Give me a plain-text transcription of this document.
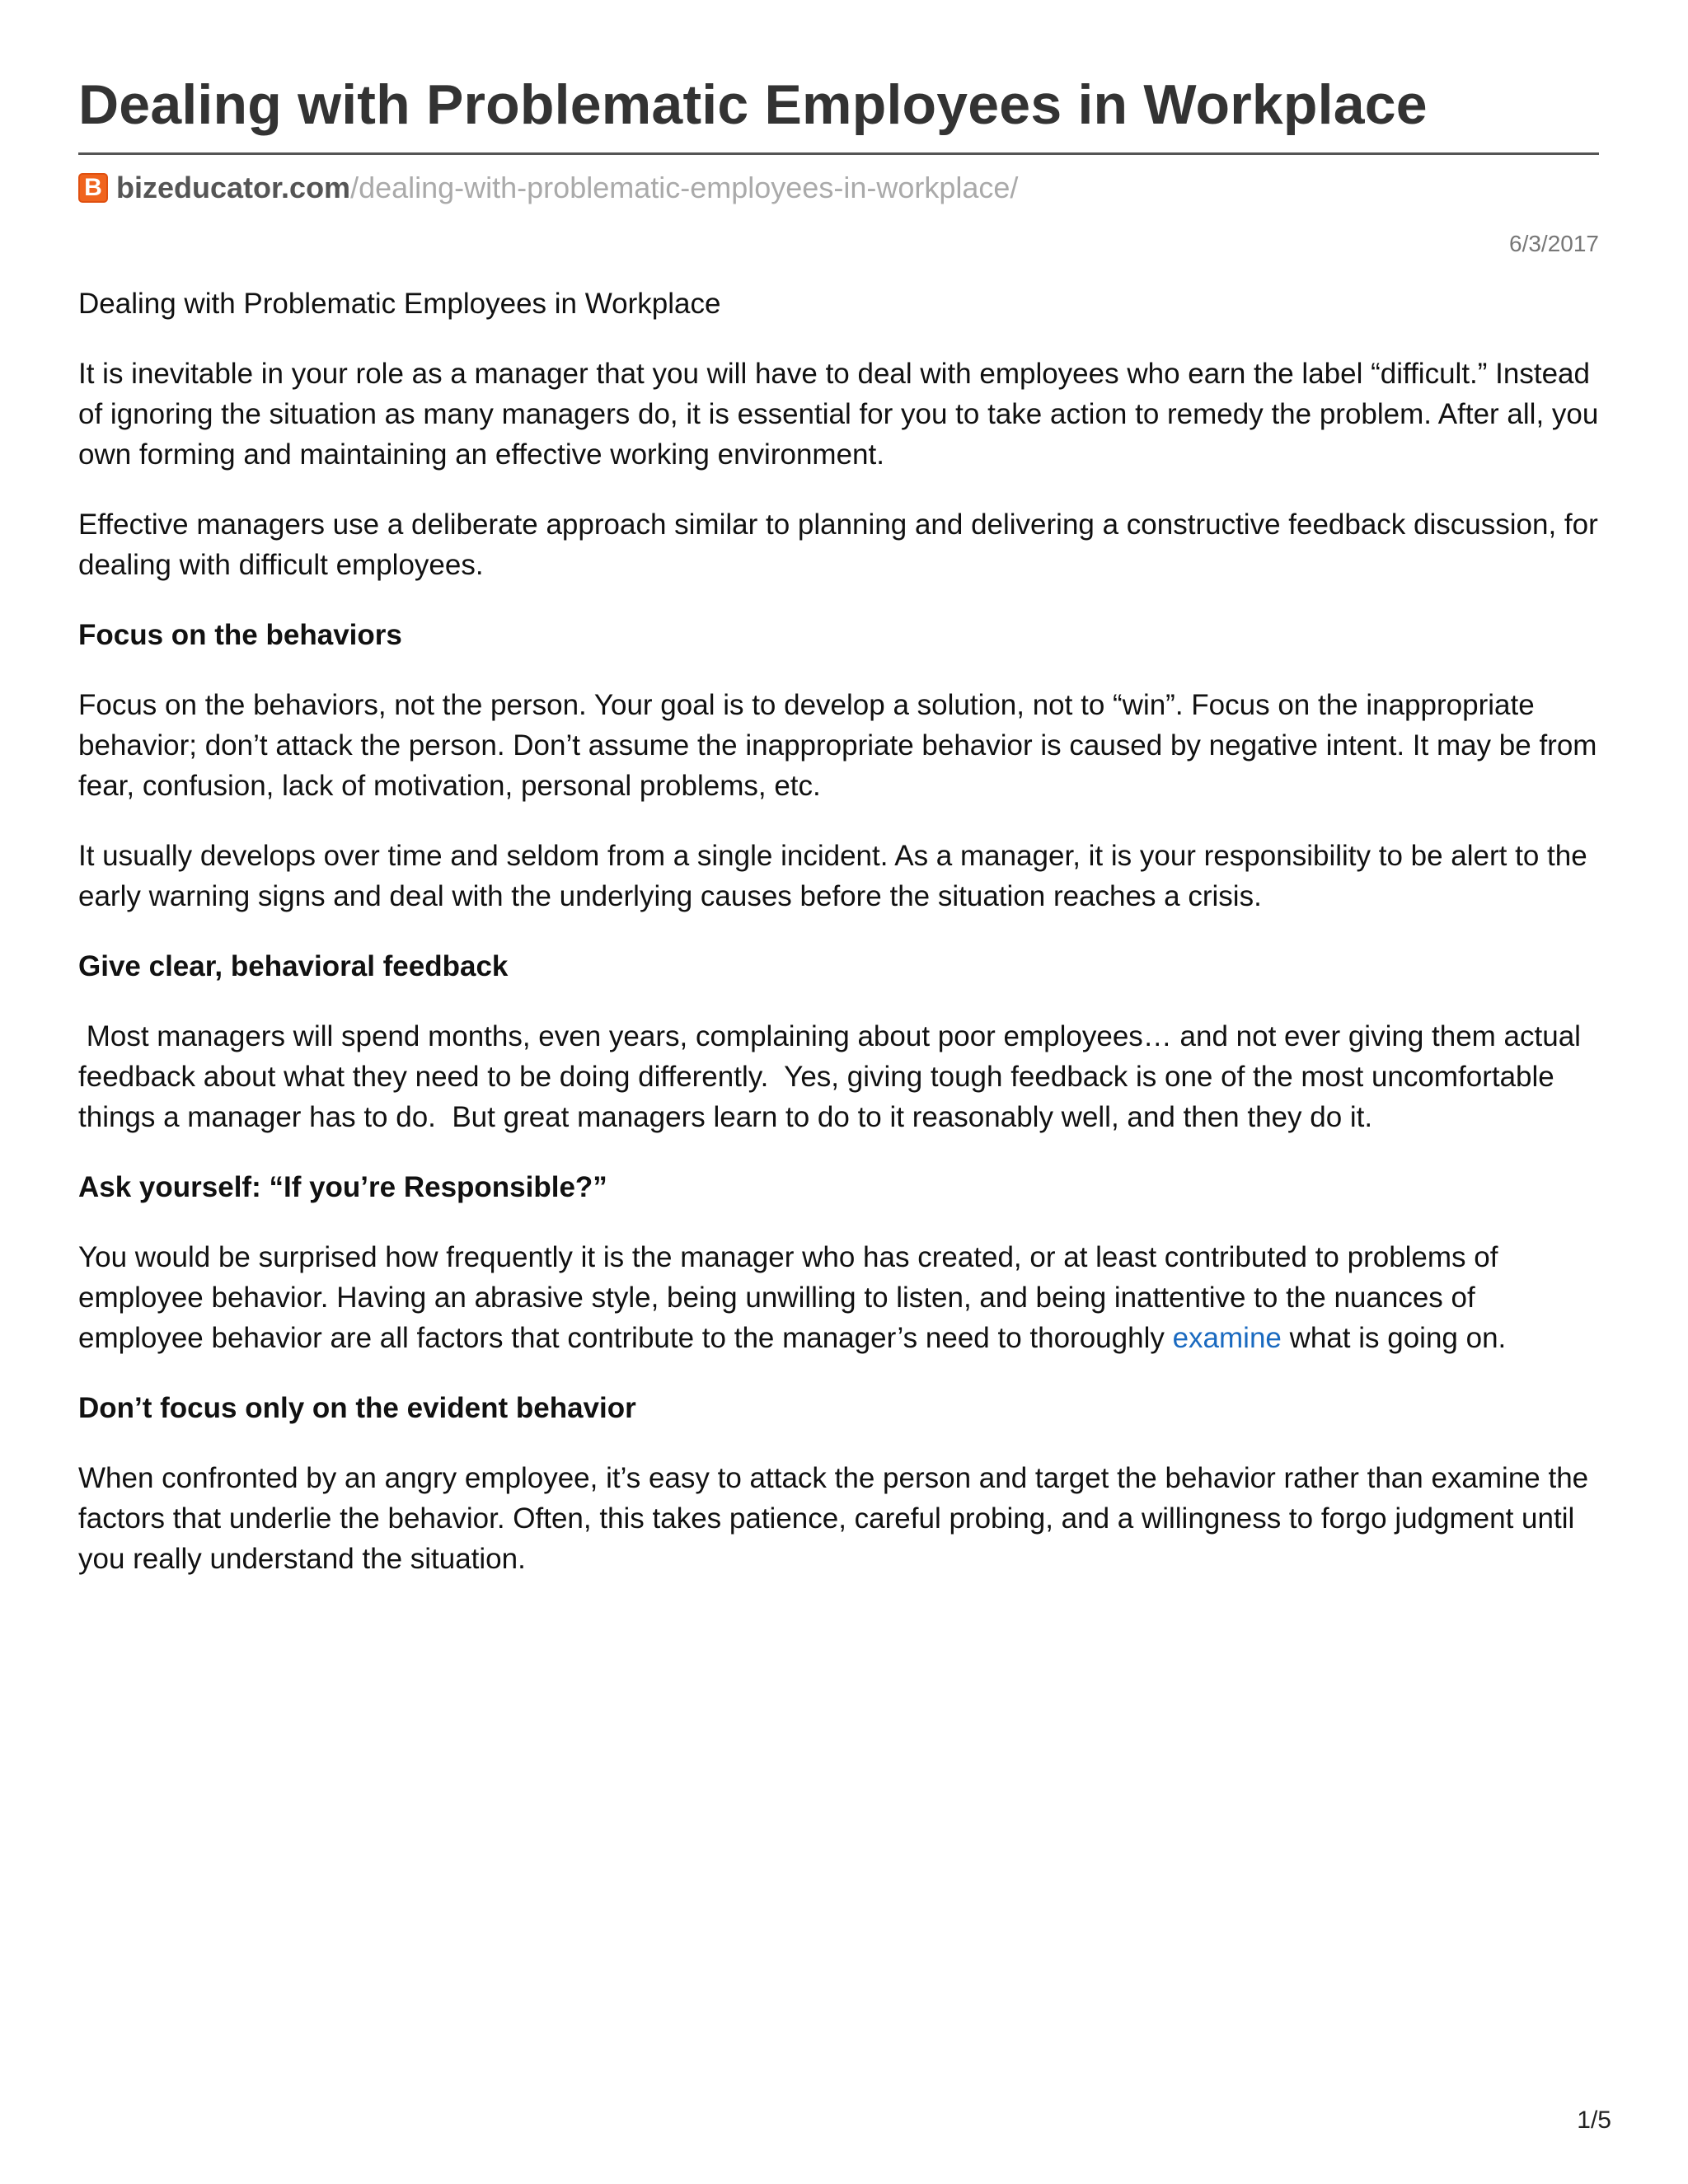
Dealing with Problematic Employees in Workplace
B bizeducator.com /dealing-with-problematic-employees-in-workplace/
6/3/2017

Dealing with Problematic Employees in Workplace

It is inevitable in your role as a manager that you will have to deal with employees who earn the label “difficult.” Instead of ignoring the situation as many managers do, it is essential for you to take action to remedy the problem. After all, you own forming and maintaining an effective working environment.

Effective managers use a deliberate approach similar to planning and delivering a constructive feedback discussion, for dealing with difficult employees.

Focus on the behaviors

Focus on the behaviors, not the person. Your goal is to develop a solution, not to “win”. Focus on the inappropriate behavior; don’t attack the person. Don’t assume the inappropriate behavior is caused by negative intent. It may be from fear, confusion, lack of motivation, personal problems, etc.

It usually develops over time and seldom from a single incident. As a manager, it is your responsibility to be alert to the early warning signs and deal with the underlying causes before the situation reaches a crisis.

Give clear, behavioral feedback

Most managers will spend months, even years, complaining about poor employees… and not ever giving them actual feedback about what they need to be doing differently.  Yes, giving tough feedback is one of the most uncomfortable things a manager has to do.  But great managers learn to do to it reasonably well, and then they do it.

Ask yourself: “If you’re Responsible?”

You would be surprised how frequently it is the manager who has created, or at least contributed to problems of employee behavior. Having an abrasive style, being unwilling to listen, and being inattentive to the nuances of employee behavior are all factors that contribute to the manager’s need to thoroughly examine what is going on.

Don’t focus only on the evident behavior

When confronted by an angry employee, it’s easy to attack the person and target the behavior rather than examine the factors that underlie the behavior. Often, this takes patience, careful probing, and a willingness to forgo judgment until you really understand the situation.

1/5
